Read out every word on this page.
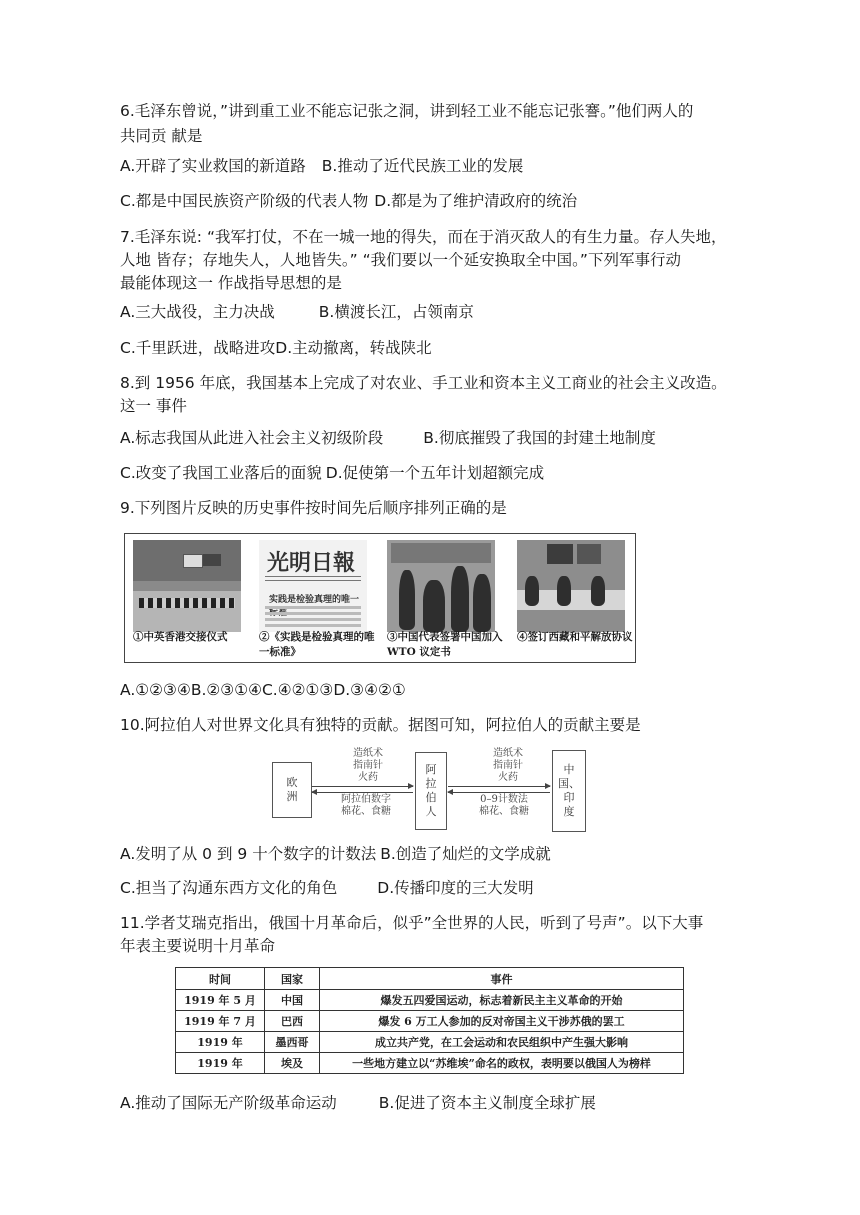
6.毛泽东曾说，”讲到重工业不能忘记张之洞，讲到轻工业不能忘记张謇。”他们两人的
共同贡 献是
A.开辟了实业救国的新道路 B.推动了近代民族工业的发展
C.都是中国民族资产阶级的代表人物 D.都是为了维护清政府的统治
7.毛泽东说: “我军打仗，不在一城一地的得失，而在于消灭敌人的有生力量。存人失地，
人地 皆存；存地失人，人地皆失。” “我们要以一个延安换取全中国。”下列军事行动
最能体现这一 作战指导思想的是
A.三大战役，主力决战	B.横渡长江，占领南京
C.千里跃进，战略进攻D.主动撤离，转战陕北
8.到 1956 年底，我国基本上完成了对农业、手工业和资本主义工商业的社会主义改造。
这一 事件
A.标志我国从此进入社会主义初级阶段	B.彻底摧毁了我国的封建土地制度
C.改变了我国工业落后的面貌 D.促使第一个五年计划超额完成
9.下列图片反映的历史事件按时间先后顺序排列正确的是
①中英香港交接仪式
光明日報
实践是检验真理的唯一
②《实践是检验真理的唯一标准》
③中国代表签署中国加入 WTO 议定书
④签订西藏和平解放协议
A.①②③④B.②③①④C.④②①③D.③④②①
10.阿拉伯人对世界文化具有独特的贡献。据图可知，阿拉伯人的贡献主要是
欧
洲
阿
拉
伯
人
中
国、
印
度
造纸术
指南针
火药
阿拉伯数字
棉花、食糖
造纸术
指南针
火药
0–9计数法
棉花、食糖
A.发明了从 0 到 9 十个数字的计数法 B.创造了灿烂的文学成就
C.担当了沟通东西方文化的角色	D.传播印度的三大发明
11.学者艾瑞克指出，俄国十月革命后，似乎”全世界的人民，听到了号声”。以下大事
年表主要说明十月革命
时间	国家	事件
1919 年 5 月	中国	爆发五四爱国运动，标志着新民主主义革命的开始
1919 年 7 月	巴西	爆发 6 万工人参加的反对帝国主义干涉苏俄的罢工
1919 年	墨西哥	成立共产党，在工会运动和农民组织中产生强大影响
1919 年	埃及	一些地方建立以“苏维埃”命名的政权，表明要以俄国人为榜样
A.推动了国际无产阶级革命运动	B.促进了资本主义制度全球扩展
